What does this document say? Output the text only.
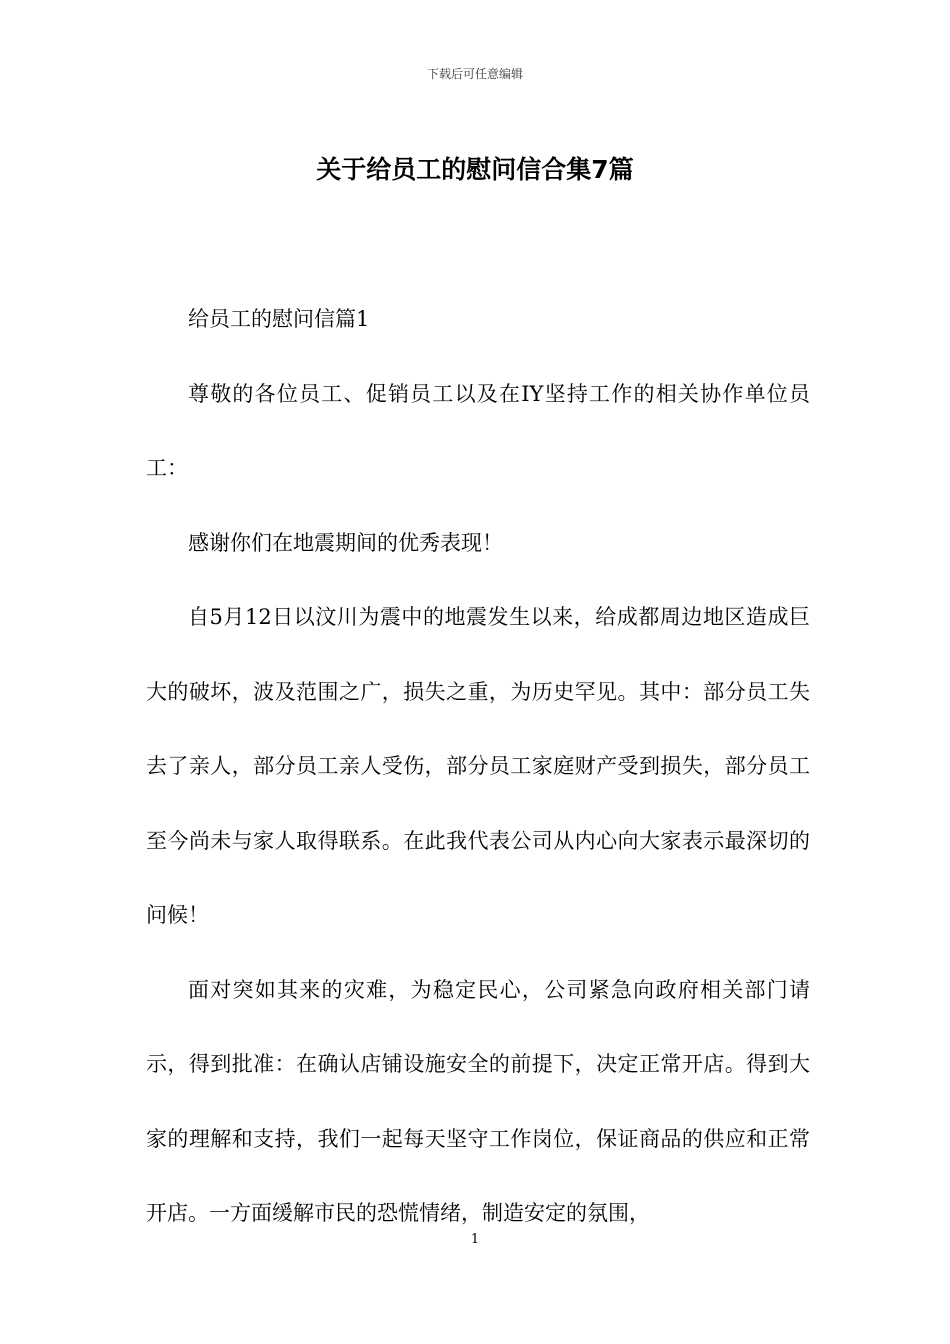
下载后可任意编辑
关于给员工的慰问信合集7篇

给员工的慰问信篇1

尊敬的各位员工、促销员工以及在IY坚持工作的相关协作单位员工：

感谢你们在地震期间的优秀表现！

自5月12日以汶川为震中的地震发生以来，给成都周边地区造成巨大的破坏，波及范围之广，损失之重，为历史罕见。其中：部分员工失去了亲人，部分员工亲人受伤，部分员工家庭财产受到损失，部分员工至今尚未与家人取得联系。在此我代表公司从内心向大家表示最深切的问候！

面对突如其来的灾难，为稳定民心，公司紧急向政府相关部门请示，得到批准：在确认店铺设施安全的前提下，决定正常开店。得到大家的理解和支持，我们一起每天坚守工作岗位，保证商品的供应和正常开店。一方面缓解市民的恐慌情绪，制造安定的氛围，

1
